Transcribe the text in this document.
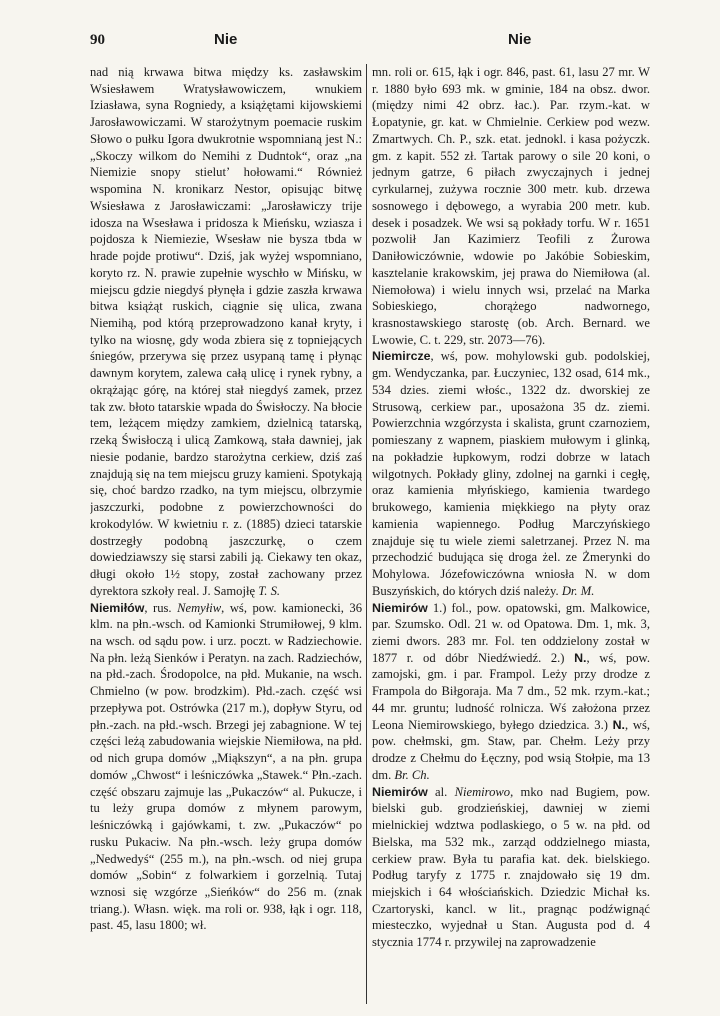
90	Nie	Nie

nad nią krwawa bitwa między ks. zasławskim Wsiesławem Wratysławowiczem, wnukiem Iziasława, syna Rogniedy, a książętami kijowskiemi Jarosławowiczami. W starożytnym poemacie ruskim Słowo o pułku Igora dwukrotnie wspomnianą jest N.: „Skoczy wilkom do Nemihi z Dudntok“, oraz „na Niemizie snopy stielut’ hołowami.“ Również wspomina N. kronikarz Nestor, opisując bitwę Wsiesława z Jarosławiczami: „Jarosławiczy trije idosza na Wsesława i pridosza k Mieńsku, wziasza i pojdosza k Niemiezie, Wsesław nie bysza tbda w hrade pojde protiwu“. Dziś, jak wyżej wspomniano, koryto rz. N. prawie zupełnie wyschło w Mińsku, w miejscu gdzie niegdyś płynęła i gdzie zaszła krwawa bitwa książąt ruskich, ciągnie się ulica, zwana Niemihą, pod którą przeprowadzono kanał kryty, i tylko na wiosnę, gdy woda zbiera się z topniejących śniegów, przerywa się przez usypaną tamę i płynąc dawnym korytem, zalewa całą ulicę i rynek rybny, a okrążając górę, na której stał niegdyś zamek, przez tak zw. błoto tatarskie wpada do Świsłoczy. Na błocie tem, leżącem między zamkiem, dzielnicą tatarską, rzeką Świsłoczą i ulicą Zamkową, stała dawniej, jak niesie podanie, bardzo starożytna cerkiew, dziś zaś znajdują się na tem miejscu gruzy kamieni. Spotykają się, choć bardzo rzadko, na tym miejscu, olbrzymie jaszczurki, podobne z powierzchowności do krokodylów. W kwietniu r. z. (1885) dzieci tatarskie dostrzegły podobną jaszczurkę, o czem dowiedziawszy się starsi zabili ją. Ciekawy ten okaz, długi około 1½ stopy, został zachowany przez dyrektora szkoły real. J. Samojłę T. S.

Niemiłów, rus. Nemyłiw, wś, pow. kamionecki, 36 klm. na płn.-wsch. od Kamionki Strumiłowej, 9 klm. na wsch. od sądu pow. i urz. poczt. w Radziechowie. Na płn. leżą Sienków i Peratyn. na zach. Radziechów, na płd.-zach. Środopolce, na płd. Mukanie, na wsch. Chmielno (w pow. brodzkim). Płd.-zach. część wsi przepływa pot. Ostrówka (217 m.), dopływ Styru, od płn.-zach. na płd.-wsch. Brzegi jej zabagnione. W tej części leżą zabudowania wiejskie Niemiłowa, na płd. od nich grupa domów „Miąkszyn“, a na płn. grupa domów „Chwost“ i leśniczówka „Stawek.“ Płn.-zach. część obszaru zajmuje las „Pukaczów“ al. Pukucze, i tu leży grupa domów z młynem parowym, leśniczówką i gajówkami, t. zw. „Pukaczów“ po rusku Pukaciw. Na płn.-wsch. leży grupa domów „Nedwedyś“ (255 m.), na płn.-wsch. od niej grupa domów „Sobin“ z folwarkiem i gorzelnią. Tutaj wznosi się wzgórze „Sieńków“ do 256 m. (znak triang.). Własn. więk. ma roli or. 938, łąk i ogr. 118, past. 45, lasu 1800; wł.

mn. roli or. 615, łąk i ogr. 846, past. 61, lasu 27 mr. W r. 1880 było 693 mk. w gminie, 184 na obsz. dwor. (między nimi 42 obrz. łac.). Par. rzym.-kat. w Łopatynie, gr. kat. w Chmielnie. Cerkiew pod wezw. Zmartwych. Ch. P., szk. etat. jednokl. i kasa pożyczk. gm. z kapit. 552 zł. Tartak parowy o sile 20 koni, o jednym gatrze, 6 piłach zwyczajnych i jednej cyrkularnej, zużywa rocznie 300 metr. kub. drzewa sosnowego i dębowego, a wyrabia 200 metr. kub. desek i posadzek. We wsi są pokłady torfu. W r. 1651 pozwolił Jan Kazimierz Teofili z Żurowa Daniłowiczównie, wdowie po Jakóbie Sobieskim, kasztelanie krakowskim, jej prawa do Niemiłowa (al. Niemołowa) i wielu innych wsi, przelać na Marka Sobieskiego, chorążego nadwornego, krasnostawskiego starostę (ob. Arch. Bernard. we Lwowie, C. t. 229, str. 2073—76).

Niemircze, wś, pow. mohylowski gub. podolskiej, gm. Wendyczanka, par. Łuczyniec, 132 osad, 614 mk., 534 dzies. ziemi włośc., 1322 dz. dworskiej ze Strusową, cerkiew par., uposażona 35 dz. ziemi. Powierzchnia wzgórzysta i skalista, grunt czarnoziem, pomieszany z wapnem, piaskiem mułowym i glinką, na pokładzie łupkowym, rodzi dobrze w latach wilgotnych. Pokłady gliny, zdolnej na garnki i cegłę, oraz kamienia młyńskiego, kamienia twardego brukowego, kamienia miękkiego na płyty oraz kamienia wapiennego. Podług Marczyńskiego znajduje się tu wiele ziemi saletrzanej. Przez N. ma przechodzić budująca się droga żel. ze Żmerynki do Mohylowa. Józefowiczówna wniosła N. w dom Buszyńskich, do których dziś należy. Dr. M.

Niemirów 1.) fol., pow. opatowski, gm. Malkowice, par. Szumsko. Odl. 21 w. od Opatowa. Dm. 1, mk. 3, ziemi dwors. 283 mr. Fol. ten oddzielony został w 1877 r. od dóbr Niedźwiedź. 2.) N., wś, pow. zamojski, gm. i par. Frampol. Leży przy drodze z Frampola do Biłgoraja. Ma 7 dm., 52 mk. rzym.-kat.; 44 mr. gruntu; ludność rolnicza. Wś założona przez Leona Niemirowskiego, byłego dziedzica. 3.) N., wś, pow. chełmski, gm. Staw, par. Chełm. Leży przy drodze z Chełmu do Łęczny, pod wsią Stołpie, ma 13 dm. Br. Ch.

Niemirów al. Niemirowo, mko nad Bugiem, pow. bielski gub. grodzieńskiej, dawniej w ziemi mielnickiej wdztwa podlaskiego, o 5 w. na płd. od Bielska, ma 532 mk., zarząd oddzielnego miasta, cerkiew praw. Była tu parafia kat. dek. bielskiego. Podług taryfy z 1775 r. znajdowało się 19 dm. miejskich i 64 włościańskich. Dziedzic Michał ks. Czartoryski, kancl. w lit., pragnąc podźwignąć miesteczko, wyjednał u Stan. Augusta pod d. 4 stycznia 1774 r. przywilej na zaprowadzenie
